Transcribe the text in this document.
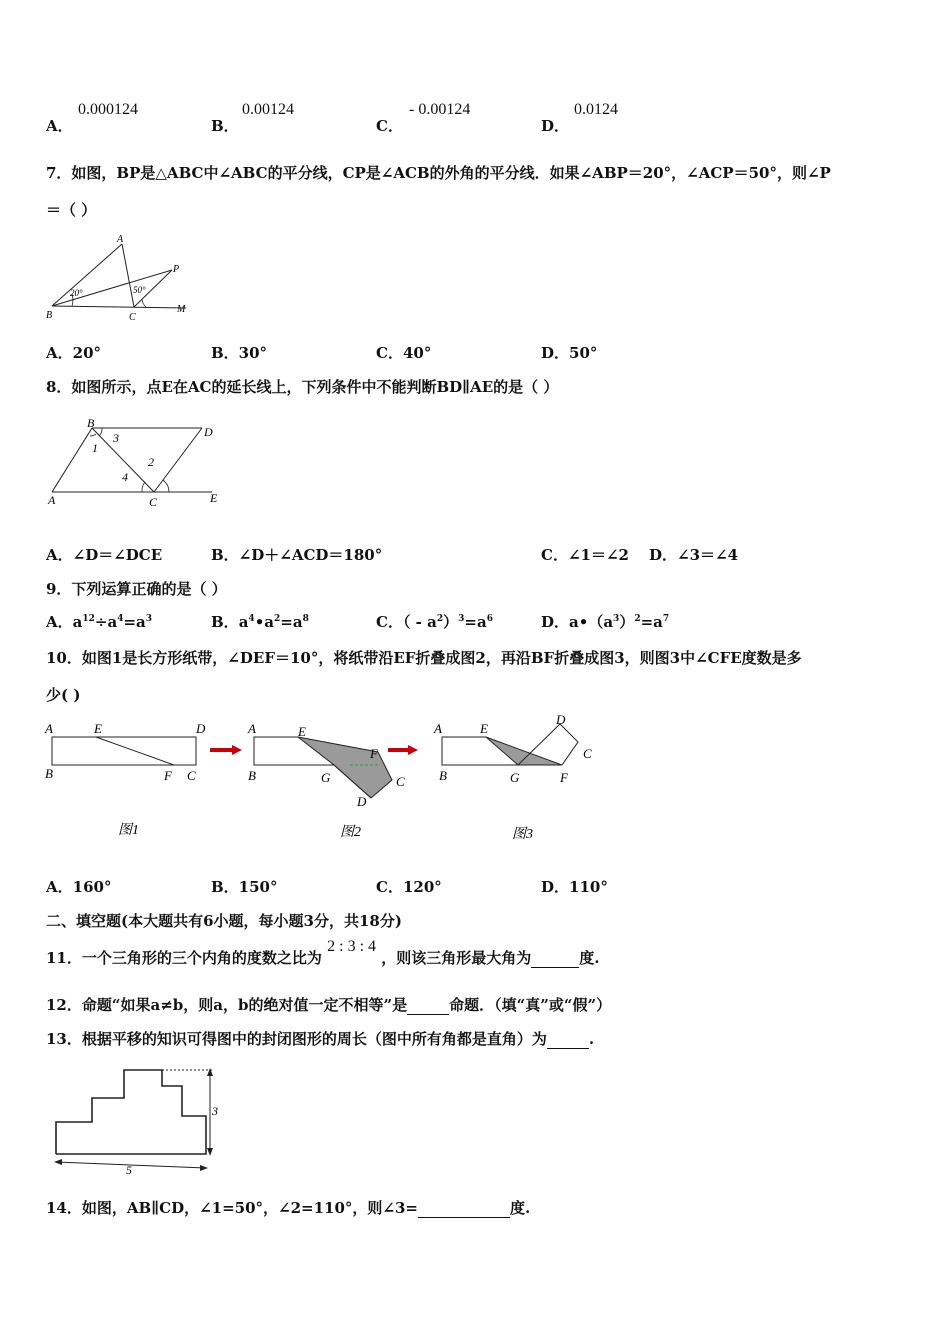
A．
0.000124
B．
0.00124
C．
- 0.00124
D．
0.0124
7．如图，BP是△ABC中∠ABC的平分线，CP是∠ACB的外角的平分线．如果∠ABP＝20°，∠ACP＝50°，则∠P
＝（ ）
A
B	C
P
M
20°	50°
A．20°	B．30°	C．40°	D．50°
8．如图所示，点E在AC的延长线上，下列条件中不能判断BD∥AE的是（ ）
B
D
A	C	E
1
2
3
4
A．∠D＝∠DCE	B．∠D＋∠ACD＝180°	C．∠1＝∠2 D．∠3＝∠4
9．下列运算正确的是（ ）
A．$a^{12}\div a^4=a^3$	B．$a^4•a^2=a^8$	C．（ - $a^2)^3=a^6$	D．$a•(a^3)^2=a^7$
10．如图1是长方形纸带，∠DEF＝10°，将纸带沿EF折叠成图2，再沿BF折叠成图3，则图3中∠CFE度数是多
少( )
A	E	D
B	F C
图1
A	E
F
B	G	C
D
图2
A	E
D
C
B	G	F
图3
A．160°	B．150°	C．120°	D．110°
二、填空题(本大题共有6小题，每小题3分，共18分)
11．一个三角形的三个内角的度数之比为 2 : 3 : 4 ，则该三角形最大角为	度.
12．命题“如果a≠b，则a，b的绝对值一定不相等”是	命题．（填“真”或“假”）
13．根据平移的知识可得图中的封闭图形的周长（图中所有角都是直角）为	.
3
5
14．如图，AB∥CD，∠1=50°，∠2=110°，则∠3=	度.
